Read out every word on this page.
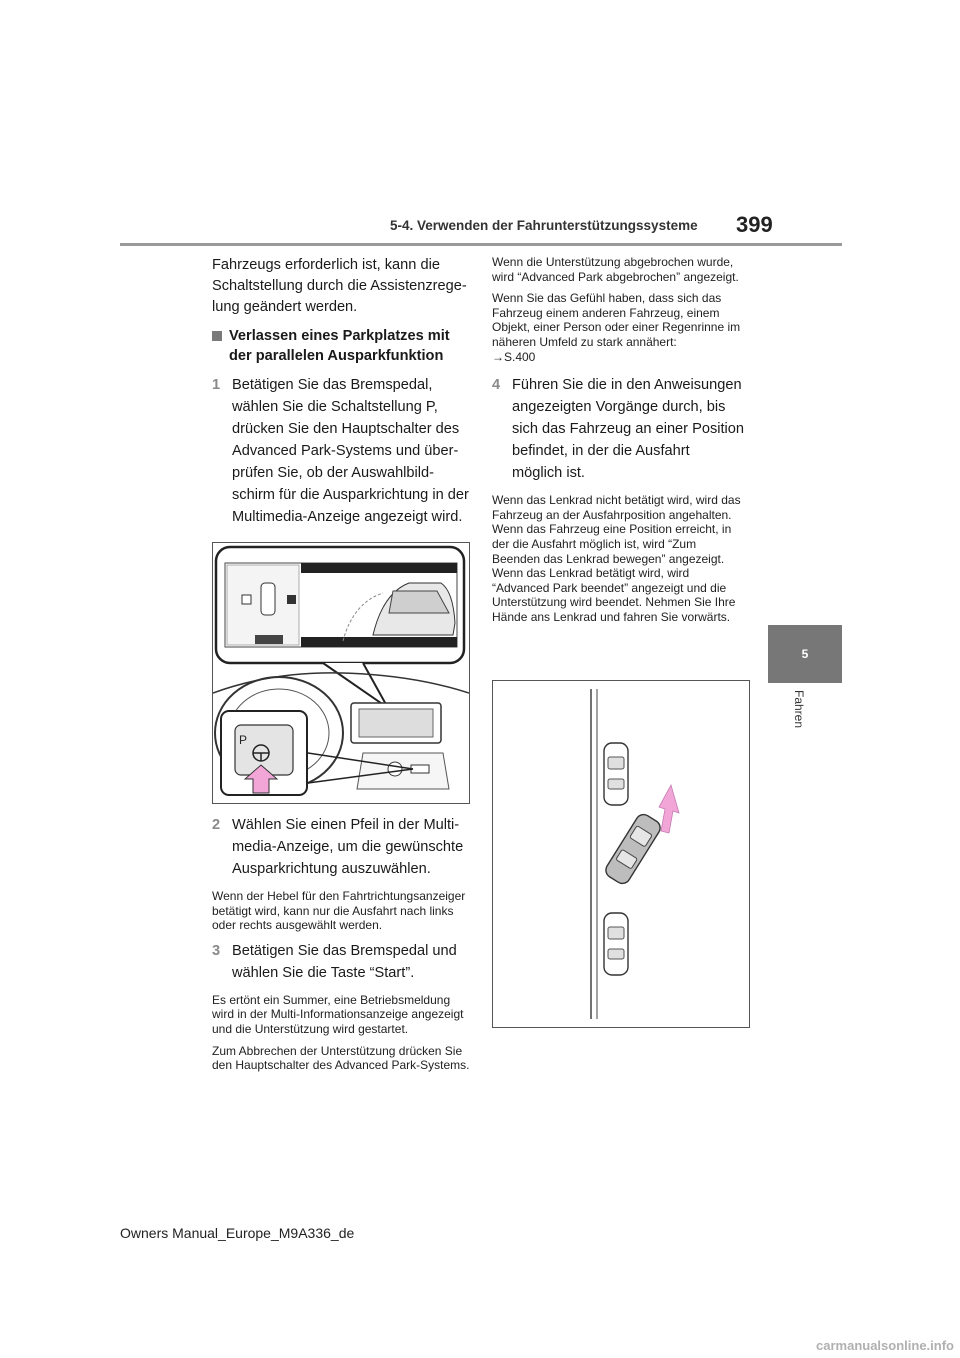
5-4. Verwenden der Fahrunterstützungssysteme 399
5
Fahren

Fahrzeugs erforderlich ist, kann die Schaltstellung durch die Assistenzregelung geändert werden.

Verlassen eines Parkplatzes mit der parallelen Ausparkfunktion
1 Betätigen Sie das Bremspedal, wählen Sie die Schaltstellung P, drücken Sie den Hauptschalter des Advanced Park-Systems und überprüfen Sie, ob der Auswahlbildschirm für die Ausparkrichtung in der Multimedia-Anzeige angezeigt wird.
P
2 Wählen Sie einen Pfeil in der Multimedia-Anzeige, um die gewünschte Ausparkrichtung auszuwählen.

Wenn der Hebel für den Fahrtrichtungsanzeiger betätigt wird, kann nur die Ausfahrt nach links oder rechts ausgewählt werden.

3 Betätigen Sie das Bremspedal und wählen Sie die Taste “Start”.

Es ertönt ein Summer, eine Betriebsmeldung wird in der Multi-Informationsanzeige angezeigt und die Unterstützung wird gestartet.

Zum Abbrechen der Unterstützung drücken Sie den Hauptschalter des Advanced Park-Systems.

Wenn die Unterstützung abgebrochen wurde, wird “Advanced Park abgebrochen” angezeigt.

Wenn Sie das Gefühl haben, dass sich das Fahrzeug einem anderen Fahrzeug, einem Objekt, einer Person oder einer Regenrinne im näheren Umfeld zu stark annähert:
→S.400

4 Führen Sie die in den Anweisungen angezeigten Vorgänge durch, bis sich das Fahrzeug an einer Position befindet, in der die Ausfahrt möglich ist.

Wenn das Lenkrad nicht betätigt wird, wird das Fahrzeug an der Ausfahrposition angehalten. Wenn das Fahrzeug eine Position erreicht, in der die Ausfahrt möglich ist, wird “Zum Beenden das Lenkrad bewegen” angezeigt. Wenn das Lenkrad betätigt wird, wird “Advanced Park beendet” angezeigt und die Unterstützung wird beendet. Nehmen Sie Ihre Hände ans Lenkrad und fahren Sie vorwärts.

Owners Manual_Europe_M9A336_de
carmanualsonline.info
